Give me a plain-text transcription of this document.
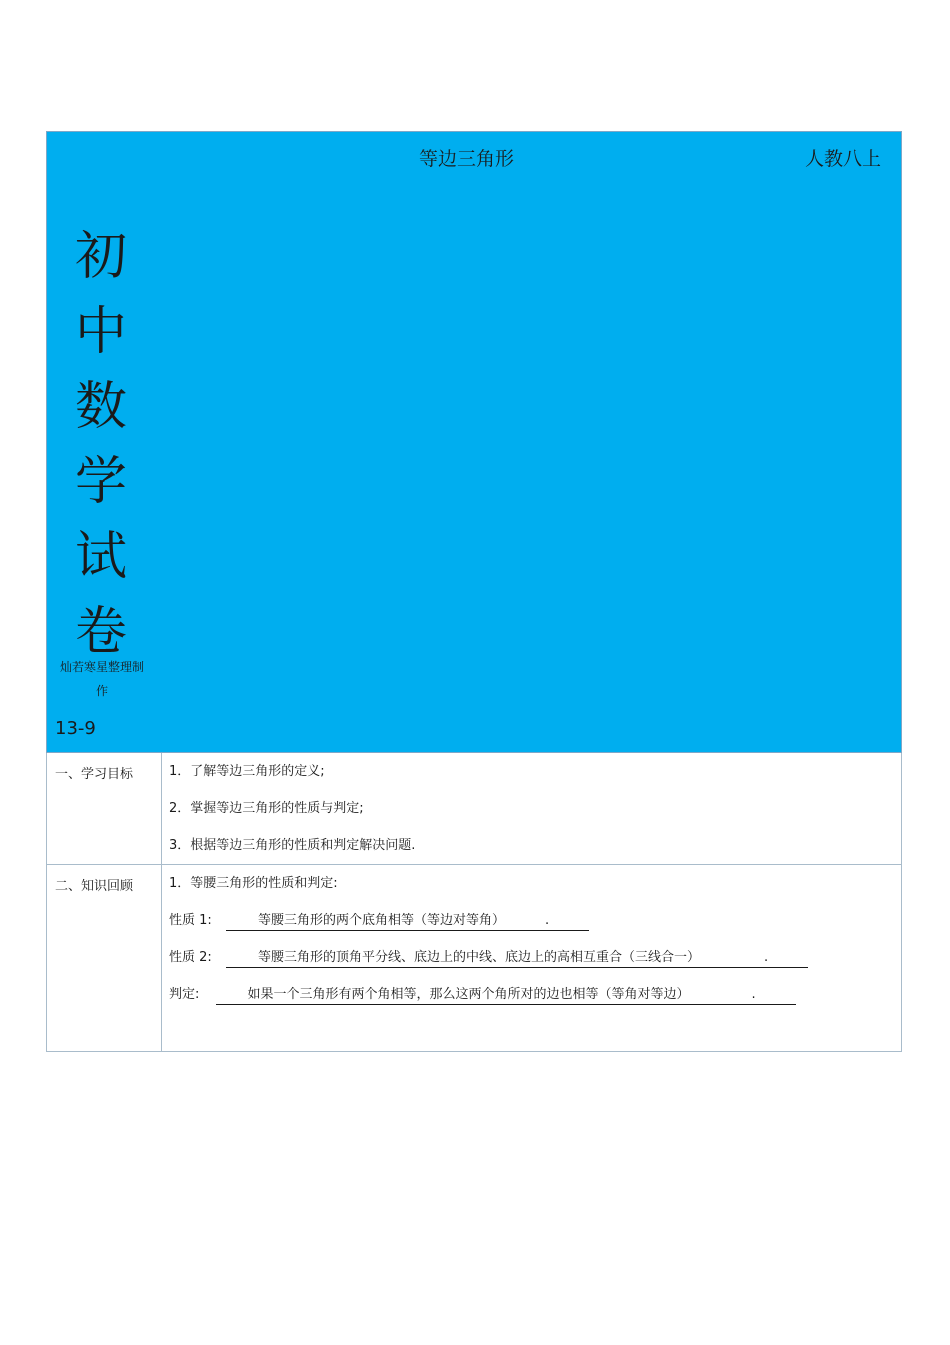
等边三角形	人教八上
初
中
数
学
试
卷
灿若寒星整理制作
13-9
一、学习目标	1．了解等边三角形的定义;
2．掌握等边三角形的性质与判定;
3．根据等边三角形的性质和判定解决问题.
二、知识回顾	1．等腰三角形的性质和判定:
性质 1:	等腰三角形的两个底角相等（等边对等角）	.
性质 2:	等腰三角形的顶角平分线、底边上的中线、底边上的高相互重合（三线合一）	.
判定:	如果一个三角形有两个角相等，那么这两个角所对的边也相等（等角对等边）	.
